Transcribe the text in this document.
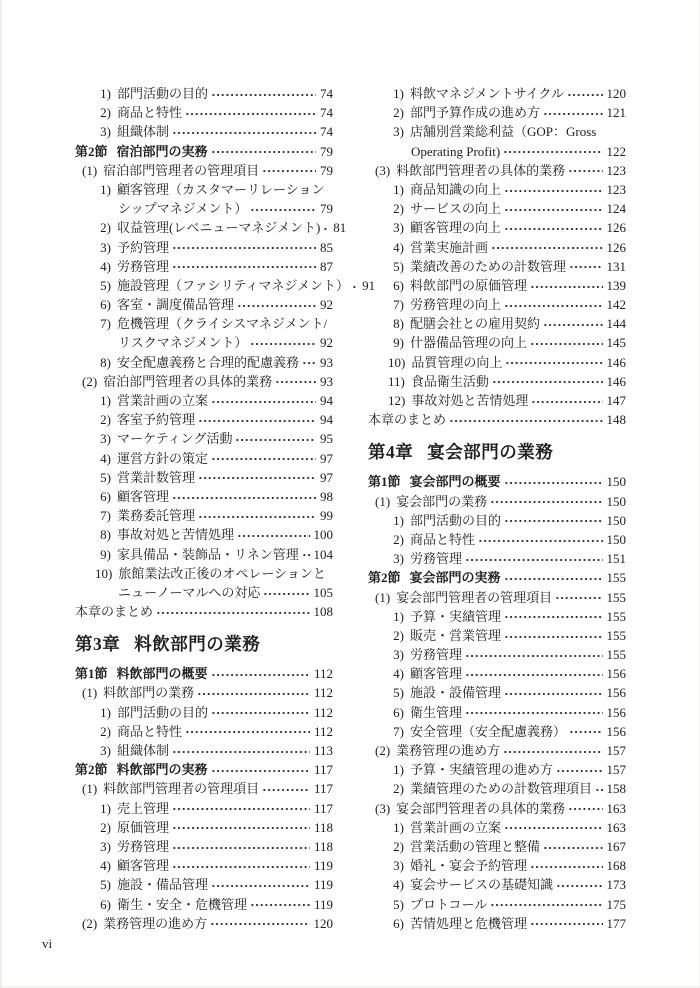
1) 部門活動の目的	74
2) 商品と特性	74
3) 組織体制	74
第2節 宿泊部門の実務	79
(1) 宿泊部門管理者の管理項目	79
1) 顧客管理（カスタマーリレーション
シップマネジメント）	79
2) 収益管理(レベニューマネジメント) 81
3) 予約管理	85
4) 労務管理	87
5) 施設管理（ファシリティマネジメント） 91
6) 客室・調度備品管理	92
7) 危機管理（クライシスマネジメント/
リスクマネジメント）	92
8) 安全配慮義務と合理的配慮義務 93
(2) 宿泊部門管理者の具体的業務	93
1) 営業計画の立案	94
2) 客室予約管理	94
3) マーケティング活動	95
4) 運営方針の策定	97
5) 営業計数管理	97
6) 顧客管理	98
7) 業務委託管理	99
8) 事故対処と苦情処理	100
9) 家具備品・装飾品・リネン管理 104
10) 旅館業法改正後のオペレーションと
ニューノーマルへの対応	105
本章のまとめ	108
第3章 料飲部門の業務
第1節 料飲部門の概要	112
(1) 料飲部門の業務	112
1) 部門活動の目的	112
2) 商品と特性	112
3) 組織体制	113
第2節 料飲部門の実務	117
(1) 料飲部門管理者の管理項目	117
1) 売上管理	117
2) 原価管理	118
3) 労務管理	118
4) 顧客管理	119
5) 施設・備品管理	119
6) 衛生・安全・危機管理	119
(2) 業務管理の進め方	120
1) 料飲マネジメントサイクル	120
2) 部門予算作成の進め方	121
3) 店舗別営業総利益（GOP：Gross
Operating Profit)	122
(3) 料飲部門管理者の具体的業務	123
1) 商品知識の向上	123
2) サービスの向上	124
3) 顧客管理の向上	126
4) 営業実施計画	126
5) 業績改善のための計数管理	131
6) 料飲部門の原価管理	139
7) 労務管理の向上	142
8) 配膳会社との雇用契約	144
9) 什器備品管理の向上	145
10) 品質管理の向上	146
11) 食品衛生活動	146
12) 事故対処と苦情処理	147
本章のまとめ	148
第4章 宴会部門の業務
第1節 宴会部門の概要	150
(1) 宴会部門の業務	150
1) 部門活動の目的	150
2) 商品と特性	150
3) 労務管理	151
第2節 宴会部門の実務	155
(1) 宴会部門管理者の管理項目	155
1) 予算・実績管理	155
2) 販売・営業管理	155
3) 労務管理	155
4) 顧客管理	156
5) 施設・設備管理	156
6) 衛生管理	156
7) 安全管理（安全配慮義務）	156
(2) 業務管理の進め方	157
1) 予算・実績管理の進め方	157
2) 業績管理のための計数管理項目 158
(3) 宴会部門管理者の具体的業務	163
1) 営業計画の立案	163
2) 営業活動の管理と整備	167
3) 婚礼・宴会予約管理	168
4) 宴会サービスの基礎知識	173
5) プロトコール	175
6) 苦情処理と危機管理	177
vi
